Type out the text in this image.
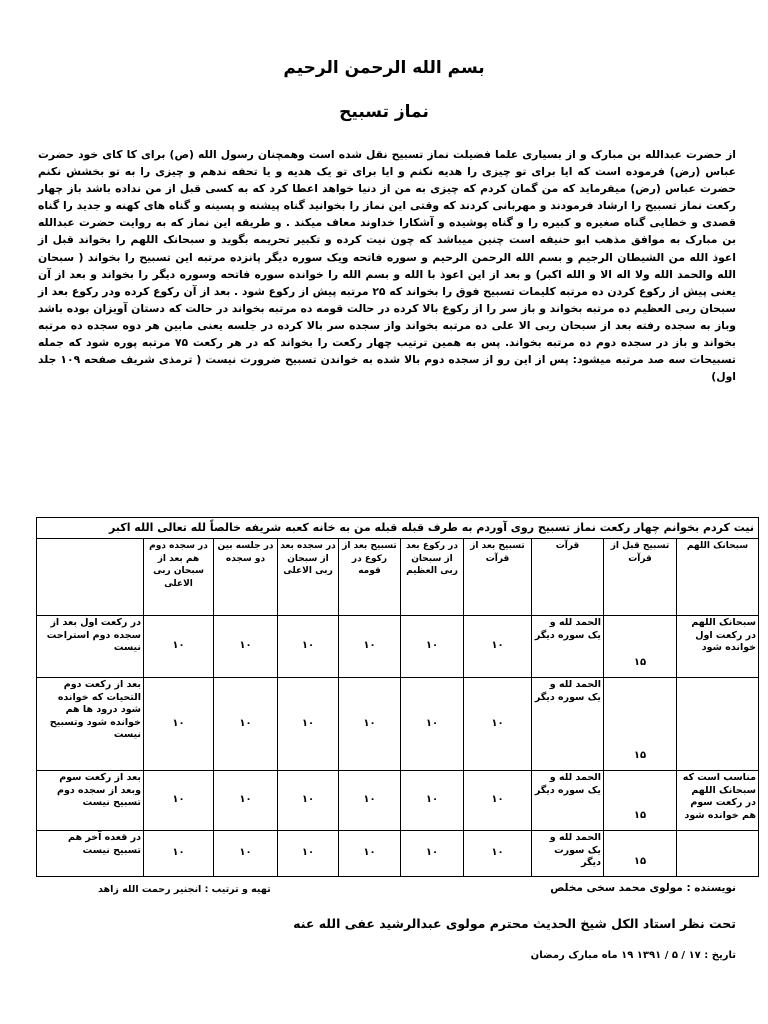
بسم الله الرحمن الرحیم
نماز تسبیح
از حضرت عبدالله بن مبارک و از بسیاری علما فضیلت نماز تسبیح نقل شده است وهمچنان رسول الله (ص) برای کا کای خود حضرت عباس (رض) فرموده است که ایا برای تو چیزی را هدیه نکنم و ایا برای تو یک هدیه و یا تحفه ندهم و چیزی را به تو بخشش نکنم حضرت عباس (رض) میفرماید که من گمان کردم که چیزی به من از دنیا خواهد اعطا کرد که به کسی قبل از من نداده باشد باز چهار رکعت نماز تسبیح را ارشاد فرمودند و مهربانی کردند که وقتی این نماز را بخوانید گناه پیشنه و پسینه و گناه های کهنه و جدید را گناه قصدی و خطایی گناه صغیره و کبیره را و گناه پوشیده و آشکارا خداوند معاف میکند . و طریقه این نماز که به روایت حضرت عبدالله بن مبارک به موافق مذهب ابو حنیفه است چنین میباشد که چون نیت کرده و تکبیر تحریمه بگوید و سبحانک اللهم را بخواند قبل از اعوذ الله من الشیطان الرجیم و بسم الله الرحمن الرحیم و سوره فاتحه ویک سوره دیگر پانزده مرتبه این تسبیح را بخواند ( سبحان الله والحمد الله ولا اله الا و الله اکبر) و بعد از این اعوذ با الله و بسم الله را خوانده سوره فاتحه وسوره دیگر را بخواند و بعد از آن یعنی پیش از رکوع کردن ده مرتبه کلیمات تسبیح فوق را بخواند که ۲۵ مرتبه پیش از رکوع شود . بعد از آن رکوع کرده ودر رکوع بعد از سبحان ربی العظیم ده مرتبه بخواند و باز سر را از رکوع بالا کرده در حالت قومه ده مرتبه بخواند در حالت که دستان آویزان بوده باشد وباز به سجده رفته بعد از سبحان ربی الا علی ده مرتبه بخواند واز سجده سر بالا کرده در جلسه یعنی مابین هر دوه سجده ده مرتبه بخواند و باز در سجده دوم ده مرتبه بخواند. پس به همین ترتیب چهار رکعت را بخواند که در هر رکعت ۷۵ مرتبه پوره شود که جمله تسبیحات سه صد مرتبه میشود: پس از این رو از سجده دوم بالا شده به خواندن تسبیح ضرورت نیست ( ترمذی شریف صفحه ۱۰۹ جلد اول)
نیت کردم بخوانم چهار رکعت نماز تسبیح روی آوردم به طرف قبله قبله من به خانه کعبه شریفه خالصاً لله تعالی الله اکبر									
سبحانک اللهم	تسبیح قبل از قرآت	قرآت	تسبیح بعد از قرآت	در رکوع بعد از سبحان ربی العظیم	تسبیح بعد از رکوع در قومه	در سجده بعد از سبحان ربی الاعلی	در جلسه بین دو سجده	در سجده دوم هم بعد از سبحان ربی الاعلی	
سبحانک اللهم در رکعت اول خوانده شود	۱۵	الحمد لله و یک سوره دیگر	۱۰	۱۰	۱۰	۱۰	۱۰	۱۰	در رکعت اول بعد از سجده دوم استراحت نیست
	۱۵	الحمد لله و یک سوره دیگر	۱۰	۱۰	۱۰	۱۰	۱۰	۱۰	بعد از رکعت دوم التحیات که خوانده شود درود ها هم خوانده شود وتسبیح نیست
مناسب است که سبحانک اللهم در رکعت سوم هم خوانده شود	۱۵	الحمد لله و یک سوره دیگر	۱۰	۱۰	۱۰	۱۰	۱۰	۱۰	بعد از رکعت سوم وبعد از سجده دوم تسبیح نیست
	۱۵	الحمد لله و یک سورت دیگر	۱۰	۱۰	۱۰	۱۰	۱۰	۱۰	در قعده آخر هم تسبیح نیست
نویسنده : مولوی محمد سخی مخلص
تهیه و ترتیب : انجنیر رحمت الله زاهد
تحت نظر استاد الکل شیخ الحدیث محترم مولوی عبدالرشید عفی الله عنه
تاریخ : ۱۷ / ۵ / ۱۳۹۱ ۱۹ ماه مبارک رمضان
